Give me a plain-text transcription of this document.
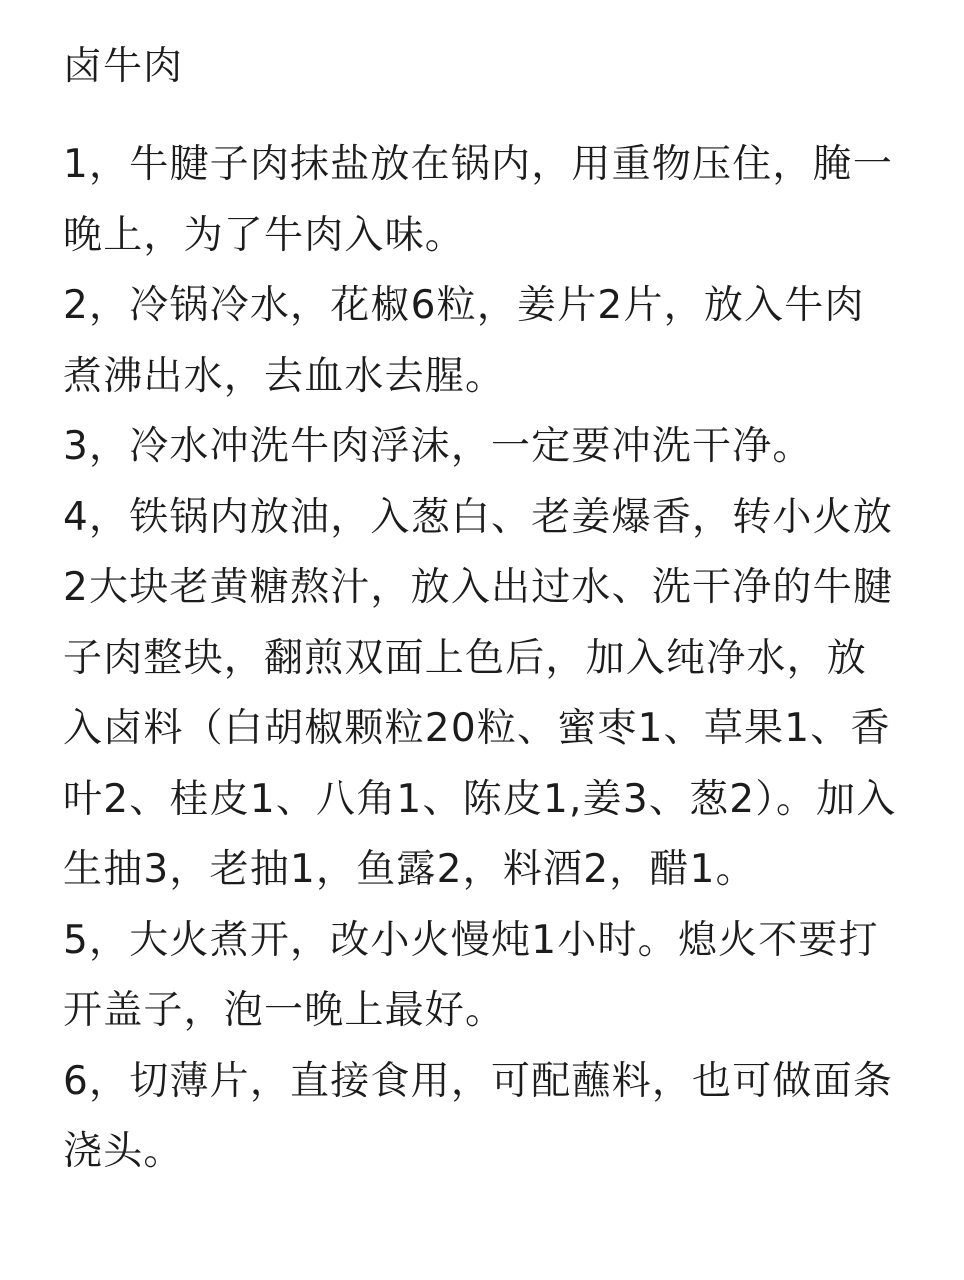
卤牛肉
1，牛腱子肉抹盐放在锅内，用重物压住，腌一晚上，为了牛肉入味。
2，冷锅冷水，花椒6粒，姜片2片，放入牛肉煮沸出水，去血水去腥。
3，冷水冲洗牛肉浮沫，一定要冲洗干净。
4，铁锅内放油，入葱白、老姜爆香，转小火放2大块老黄糖熬汁，放入出过水、洗干净的牛腱子肉整块，翻煎双面上色后，加入纯净水，放入卤料（白胡椒颗粒20粒、蜜枣1、草果1、香叶2、桂皮1、八角1、陈皮1,姜3、葱2）。加入生抽3，老抽1，鱼露2，料酒2，醋1。
5，大火煮开，改小火慢炖1小时。熄火不要打开盖子，泡一晚上最好。
6，切薄片，直接食用，可配蘸料，也可做面条浇头。
